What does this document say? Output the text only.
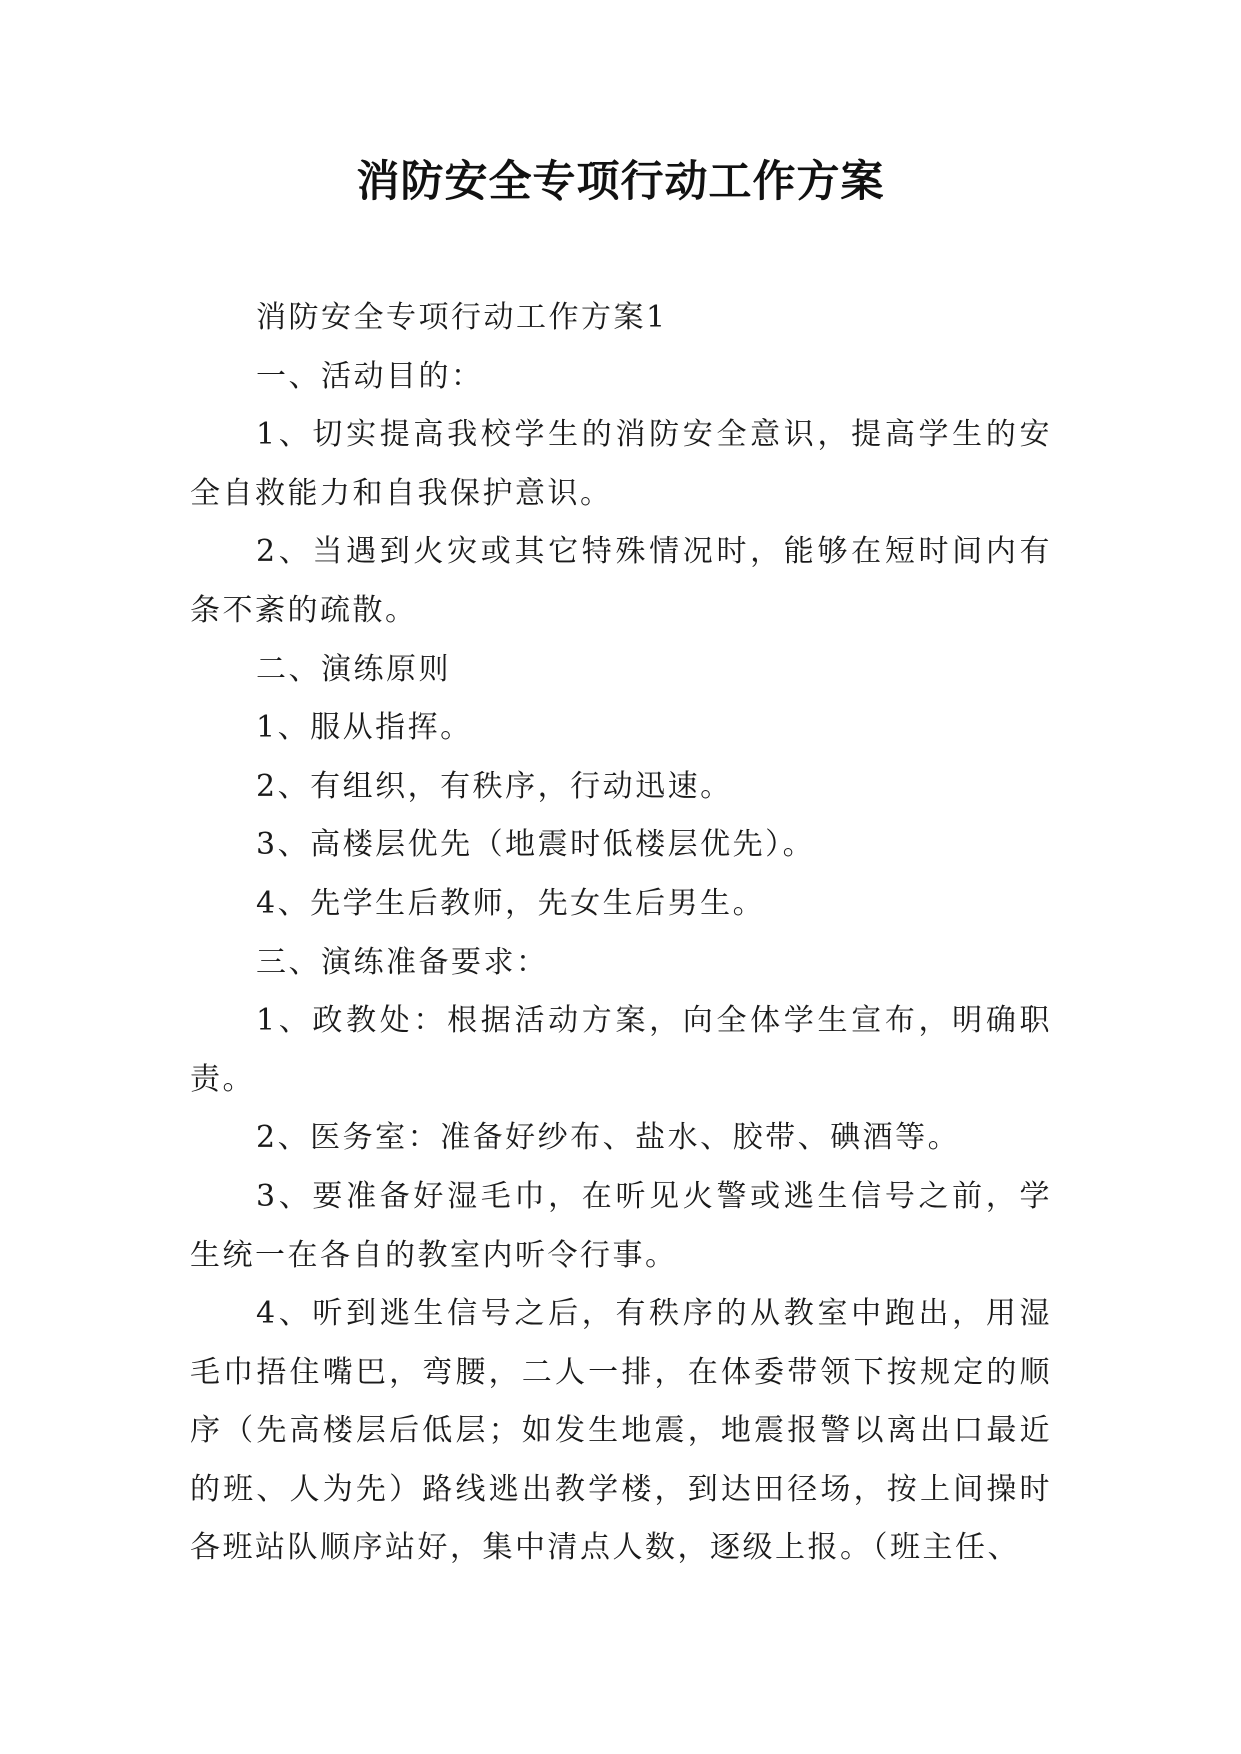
消防安全专项行动工作方案

消防安全专项行动工作方案1

一、活动目的：

1、切实提高我校学生的消防安全意识，提高学生的安全自救能力和自我保护意识。

2、当遇到火灾或其它特殊情况时，能够在短时间内有条不紊的疏散。

二、演练原则

1、服从指挥。

2、有组织，有秩序，行动迅速。

3、高楼层优先（地震时低楼层优先）。

4、先学生后教师，先女生后男生。

三、演练准备要求：

1、政教处：根据活动方案，向全体学生宣布，明确职责。

2、医务室：准备好纱布、盐水、胶带、碘酒等。

3、要准备好湿毛巾，在听见火警或逃生信号之前，学生统一在各自的教室内听令行事。

4、听到逃生信号之后，有秩序的从教室中跑出，用湿毛巾捂住嘴巴，弯腰，二人一排，在体委带领下按规定的顺序（先高楼层后低层；如发生地震，地震报警以离出口最近的班、人为先）路线逃出教学楼，到达田径场，按上间操时各班站队顺序站好，集中清点人数，逐级上报。（班主任、
